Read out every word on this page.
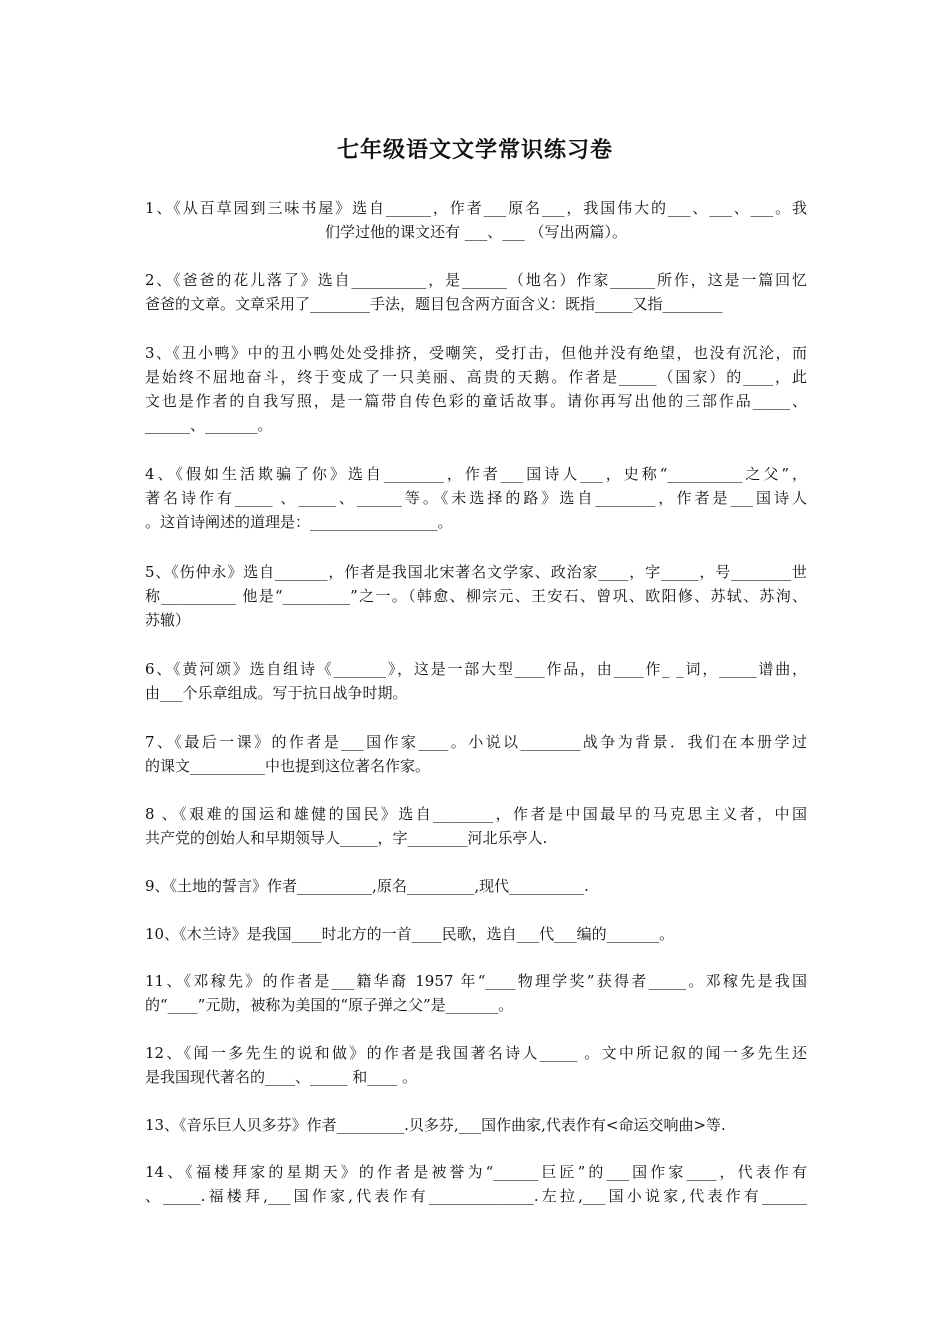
七年级语文文学常识练习卷
1、《从百草园到三味书屋》选自______，作者___原名___，我国伟大的___、___、___。我
们学过他的课文还有 ___、___ （写出两篇）。
2、《爸爸的花儿落了》选自__________，是______（地名）作家______所作，这是一篇回忆
爸爸的文章。文章采用了________手法，题目包含两方面含义：既指_____又指________
3、《丑小鸭》中的丑小鸭处处受排挤，受嘲笑，受打击，但他并没有绝望，也没有沉沦，而
是始终不屈地奋斗，终于变成了一只美丽、高贵的天鹅。作者是_____（国家）的____，此
文也是作者的自我写照，是一篇带自传色彩的童话故事。请你再写出他的三部作品_____、
______、_______。
4、《假如生活欺骗了你》选自________，作者___国诗人___，史称“__________之父”，
著名诗作有_____ 、_____、______等。《未选择的路》选自________，作者是___国诗人
。这首诗阐述的道理是：_________________。
5、《伤仲永》选自_______，作者是我国北宋著名文学家、政治家____，字_____，号________世
称__________ 他是“_________”之一。（韩愈、柳宗元、王安石、曾巩、欧阳修、苏轼、苏洵、
苏辙）
6、《黄河颂》选自组诗《_______》，这是一部大型____作品，由____作_ _词，_____谱曲，
由___个乐章组成。写于抗日战争时期。
7、《最后一课》的作者是___国作家____。小说以________战争为背景．我们在本册学过
的课文__________中也提到这位著名作家。
8 、《艰难的国运和雄健的国民》选自________，作者是中国最早的马克思主义者，中国
共产党的创始人和早期领导人_____，字________河北乐亭人.
9、《土地的誓言》作者__________,原名_________,现代__________.
10、《木兰诗》是我国____时北方的一首____民歌，选自___代___编的_______。
11、《邓稼先》的作者是___籍华裔 1957 年“____物理学奖”获得者_____。邓稼先是我国
的“____”元勋，被称为美国的“原子弹之父”是_______。
12、《闻一多先生的说和做》的作者是我国著名诗人_____ 。文中所记叙的闻一多先生还
是我国现代著名的____、_____ 和____ 。
13、《音乐巨人贝多芬》作者_________.贝多芬,___国作曲家,代表作有<命运交响曲>等.
14、《福楼拜家的星期天》的作者是被誉为“______巨匠”的___国作家____，代表作有
、_____.福楼拜,___国作家,代表作有______________.左拉,___国小说家,代表作有______
